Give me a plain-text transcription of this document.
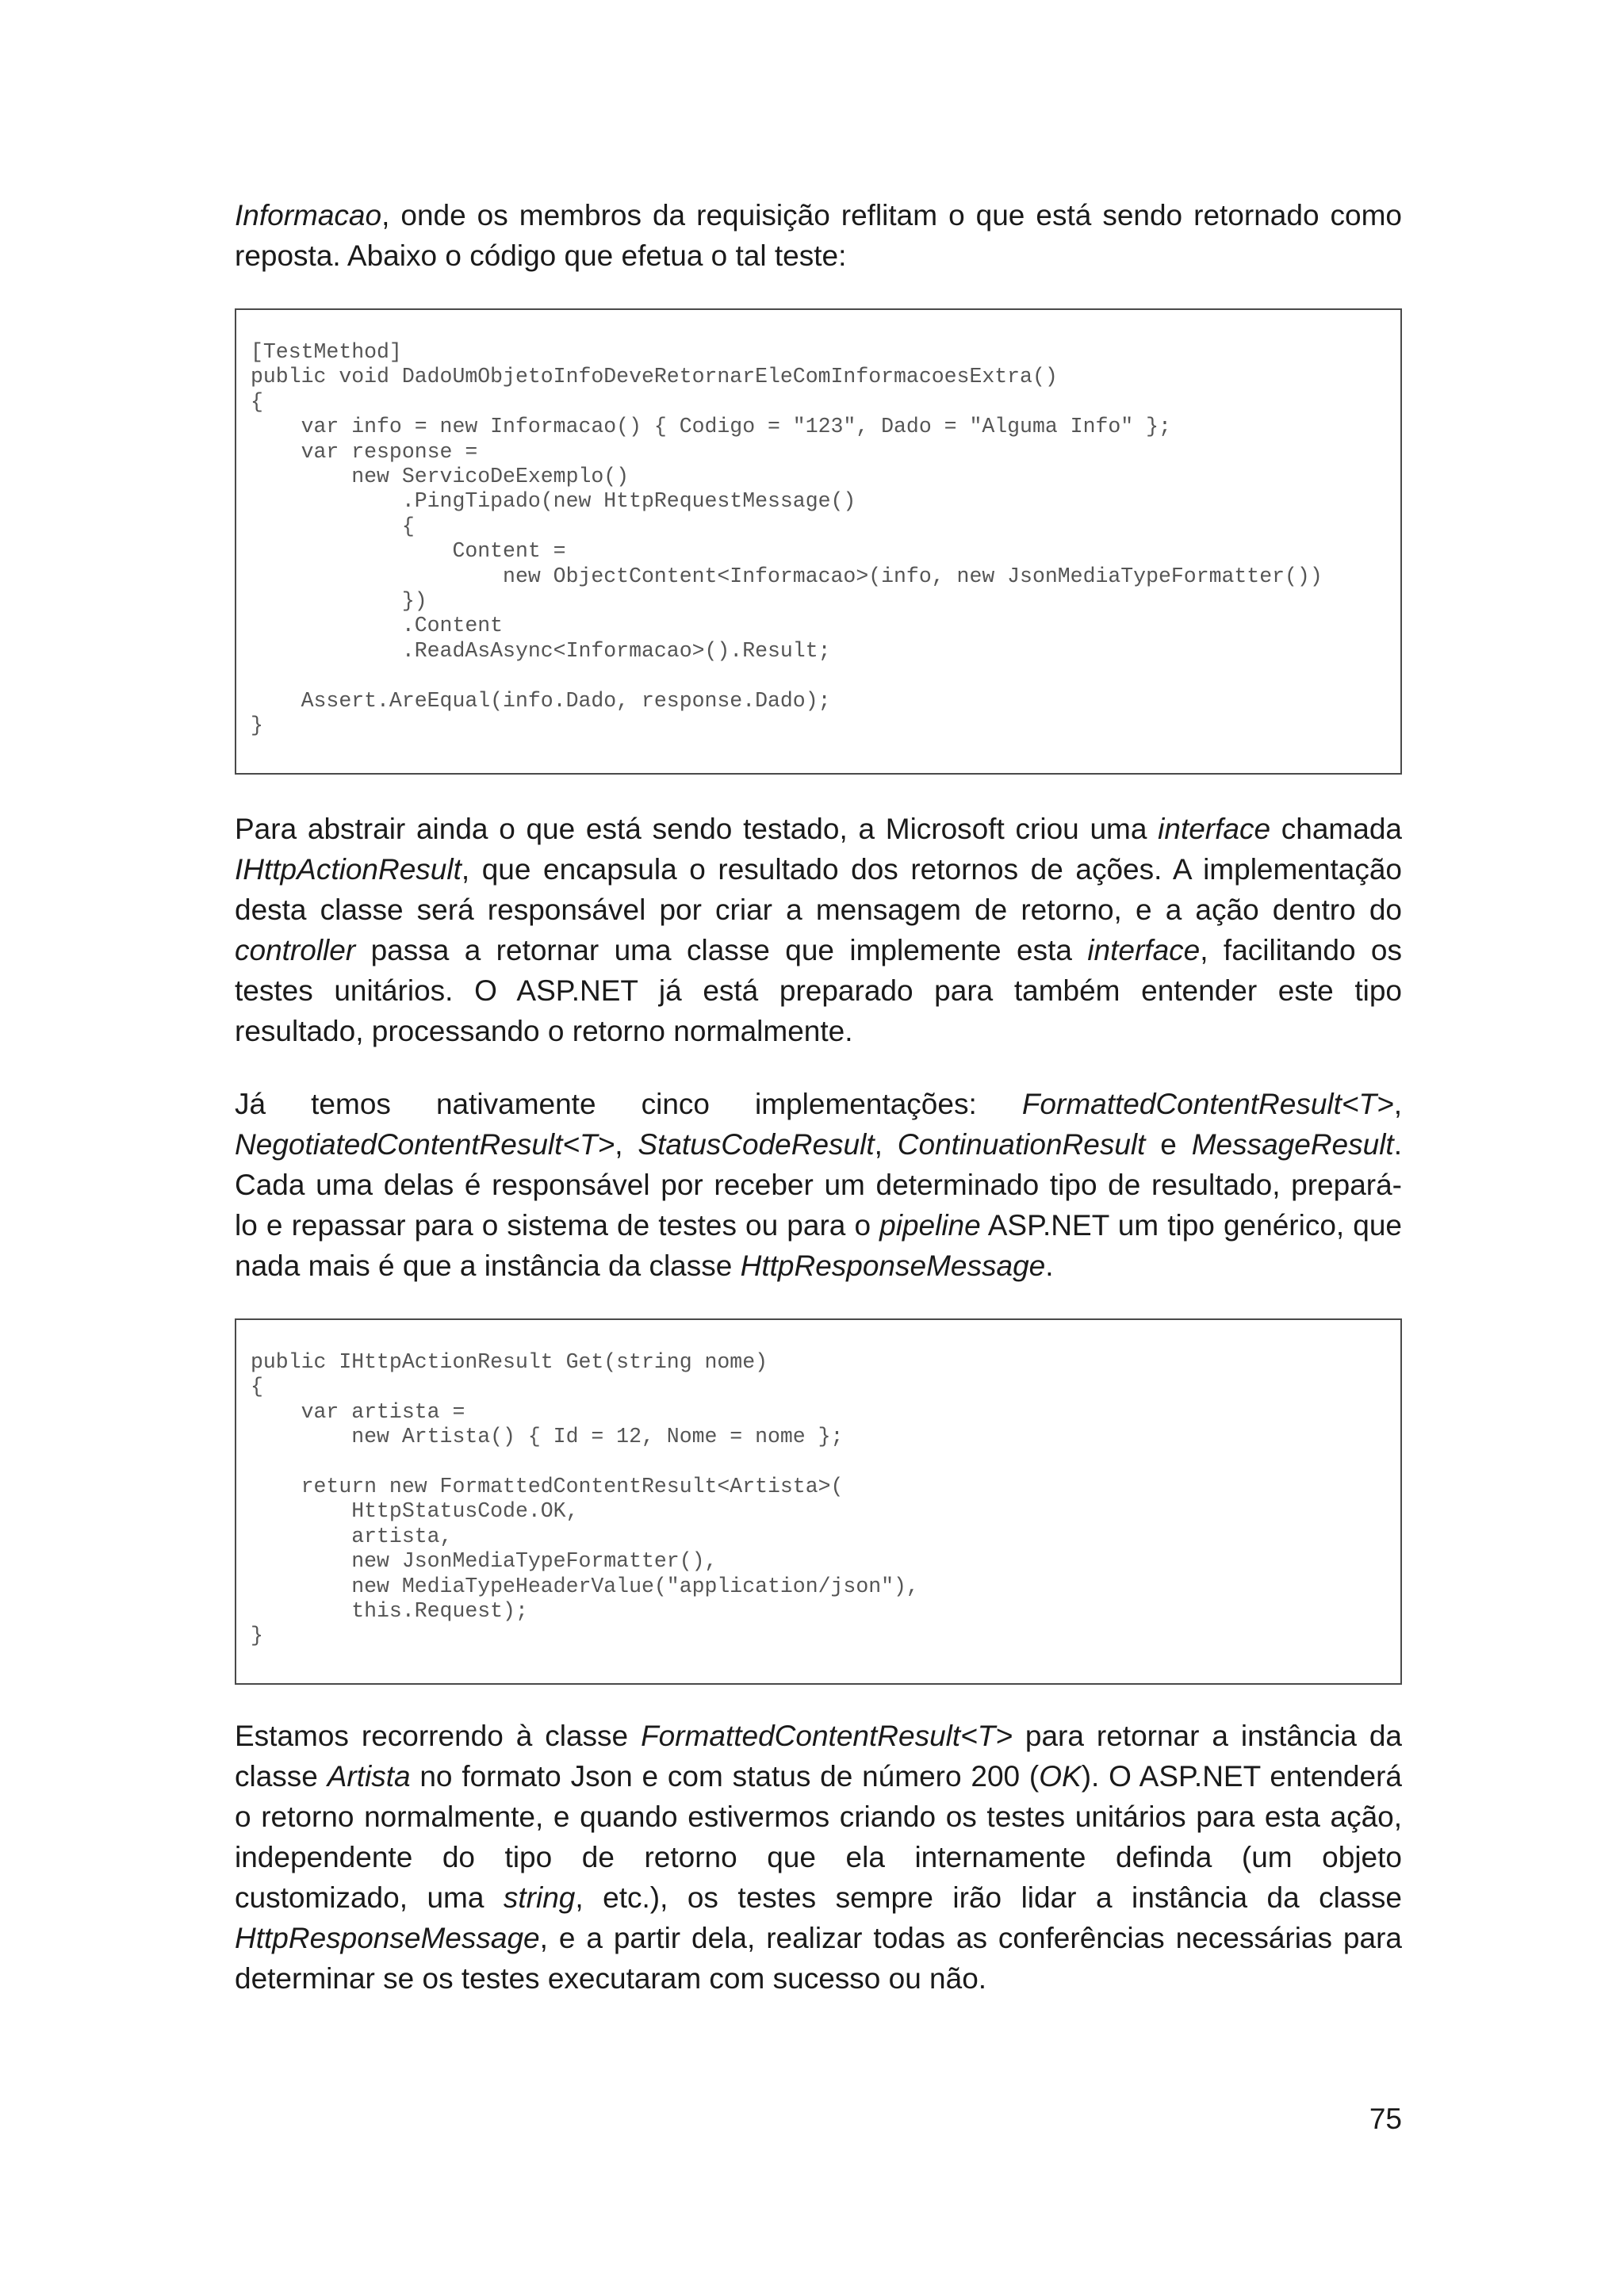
Informacao, onde os membros da requisição reflitam o que está sendo retornado como
reposta. Abaixo o código que efetua o tal teste:
[TestMethod]
public void DadoUmObjetoInfoDeveRetornarEleComInformacoesExtra()
{
var info = new Informacao() { Codigo = "123", Dado = "Alguma Info" };
var response =
new ServicoDeExemplo()
.PingTipado(new HttpRequestMessage()
{
Content =
new ObjectContent<Informacao>(info, new JsonMediaTypeFormatter())
})
.Content
.ReadAsAsync<Informacao>().Result;

Assert.AreEqual(info.Dado, response.Dado);
}
Para abstrair ainda o que está sendo testado, a Microsoft criou uma interface chamada
IHttpActionResult, que encapsula o resultado dos retornos de ações. A implementação
desta classe será responsável por criar a mensagem de retorno, e a ação dentro do
controller passa a retornar uma classe que implemente esta interface, facilitando os
testes unitários. O ASP.NET já está preparado para também entender este tipo
resultado, processando o retorno normalmente.
Já temos nativamente cinco implementações: FormattedContentResult<T>,
NegotiatedContentResult<T>, StatusCodeResult, ContinuationResult e MessageResult.
Cada uma delas é responsável por receber um determinado tipo de resultado, prepará-
lo e repassar para o sistema de testes ou para o pipeline ASP.NET um tipo genérico, que
nada mais é que a instância da classe HttpResponseMessage.
public IHttpActionResult Get(string nome)
{
var artista =
new Artista() { Id = 12, Nome = nome };

return new FormattedContentResult<Artista>(
HttpStatusCode.OK,
artista,
new JsonMediaTypeFormatter(),
new MediaTypeHeaderValue("application/json"),
this.Request);
}
Estamos recorrendo à classe FormattedContentResult<T> para retornar a instância da
classe Artista no formato Json e com status de número 200 (OK). O ASP.NET entenderá
o retorno normalmente, e quando estivermos criando os testes unitários para esta ação,
independente do tipo de retorno que ela internamente definda (um objeto
customizado, uma string, etc.), os testes sempre irão lidar a instância da classe
HttpResponseMessage, e a partir dela, realizar todas as conferências necessárias para
determinar se os testes executaram com sucesso ou não.
75
